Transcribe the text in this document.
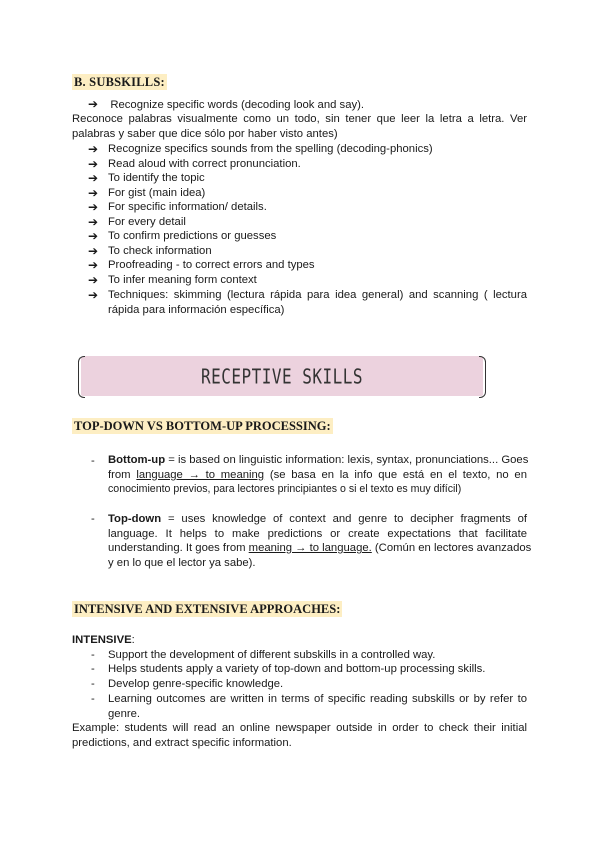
B. SUBSKILLS:
➔ Recognize specific words (decoding look and say).
Reconoce palabras visualmente como un todo, sin tener que leer la letra a letra. Ver
palabras y saber que dice sólo por haber visto antes)
➔ Recognize specifics sounds from the spelling (decoding-phonics)
➔ Read aloud with correct pronunciation.
➔ To identify the topic
➔ For gist (main idea)
➔ For specific information/ details.
➔ For every detail
➔ To confirm predictions or guesses
➔ To check information
➔ Proofreading - to correct errors and types
➔ To infer meaning form context
➔ Techniques: skimming (lectura rápida para idea general) and scanning ( lectura
rápida para información específica)
RECEPTIVE SKILLS
TOP-DOWN VS BOTTOM-UP PROCESSING:
- Bottom-up = is based on linguistic information: lexis, syntax, pronunciations... Goes
from language → to meaning (se basa en la info que está en el texto, no en
conocimiento previos, para lectores principiantes o si el texto es muy difícil)
- Top-down = uses knowledge of context and genre to decipher fragments of
language. It helps to make predictions or create expectations that facilitate
understanding. It goes from meaning → to language. (Común en lectores avanzados
y en lo que el lector ya sabe).
INTENSIVE AND EXTENSIVE APPROACHES:
INTENSIVE:
- Support the development of different subskills in a controlled way.
- Helps students apply a variety of top-down and bottom-up processing skills.
- Develop genre-specific knowledge.
- Learning outcomes are written in terms of specific reading subskills or by refer to
genre.
Example: students will read an online newspaper outside in order to check their initial
predictions, and extract specific information.
